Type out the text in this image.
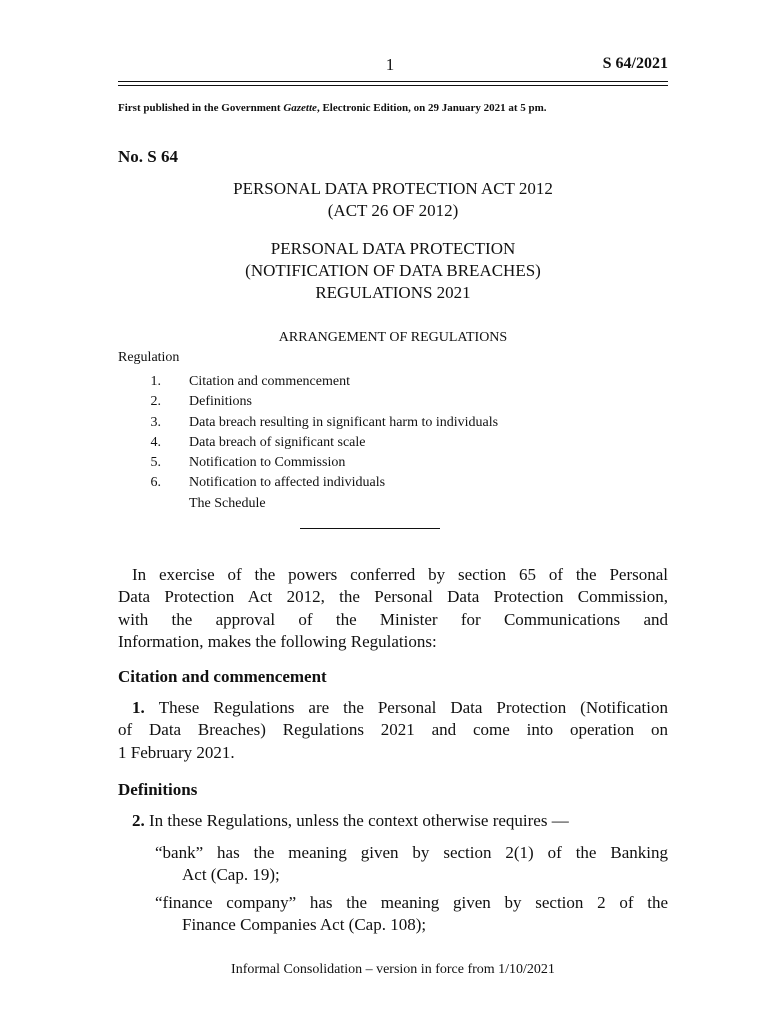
1	S 64/2021
First published in the Government Gazette, Electronic Edition, on 29 January 2021 at 5 pm.
No. S 64
PERSONAL DATA PROTECTION ACT 2012
(ACT 26 OF 2012)
PERSONAL DATA PROTECTION
(NOTIFICATION OF DATA BREACHES)
REGULATIONS 2021
ARRANGEMENT OF REGULATIONS
Regulation
1.	Citation and commencement
2.	Definitions
3.	Data breach resulting in significant harm to individuals
4.	Data breach of significant scale
5.	Notification to Commission
6.	Notification to affected individuals
The Schedule
In exercise of the powers conferred by section 65 of the Personal
Data Protection Act 2012, the Personal Data Protection Commission,
with the approval of the Minister for Communications and
Information, makes the following Regulations:
Citation and commencement
1. These Regulations are the Personal Data Protection (Notification
of Data Breaches) Regulations 2021 and come into operation on
1 February 2021.
Definitions
2. In these Regulations, unless the context otherwise requires —
“bank” has the meaning given by section 2(1) of the Banking
Act (Cap. 19);
“finance company” has the meaning given by section 2 of the
Finance Companies Act (Cap. 108);
Informal Consolidation – version in force from 1/10/2021
